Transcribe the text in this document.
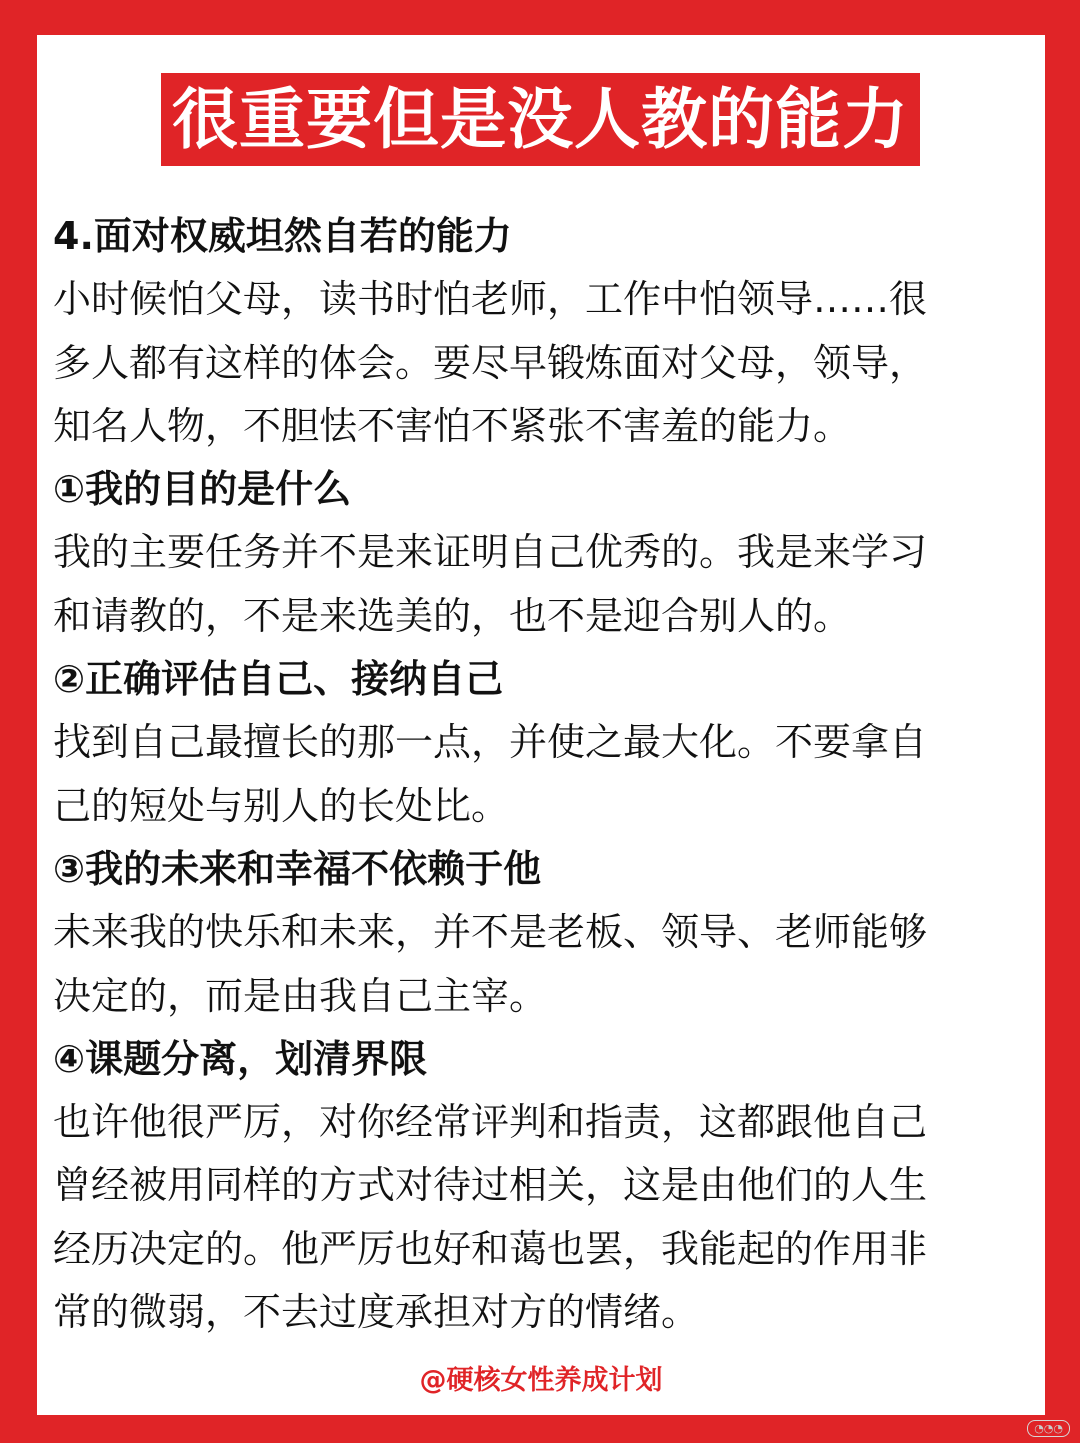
很重要但是没人教的能力
4.面对权威坦然自若的能力
小时候怕父母，读书时怕老师，工作中怕领导……很
多人都有这样的体会。要尽早锻炼面对父母，领导，
知名人物，不胆怯不害怕不紧张不害羞的能力。
①我的目的是什么
我的主要任务并不是来证明自己优秀的。我是来学习
和请教的，不是来选美的，也不是迎合别人的。
②正确评估自己、接纳自己
找到自己最擅长的那一点，并使之最大化。不要拿自
己的短处与别人的长处比。
③我的未来和幸福不依赖于他
未来我的快乐和未来，并不是老板、领导、老师能够
决定的，而是由我自己主宰。
④课题分离，划清界限
也许他很严厉，对你经常评判和指责，这都跟他自己
曾经被用同样的方式对待过相关，这是由他们的人生
经历决定的。他严厉也好和蔼也罢，我能起的作用非
常的微弱，不去过度承担对方的情绪。
@硬核女性养成计划
◔◔◔
